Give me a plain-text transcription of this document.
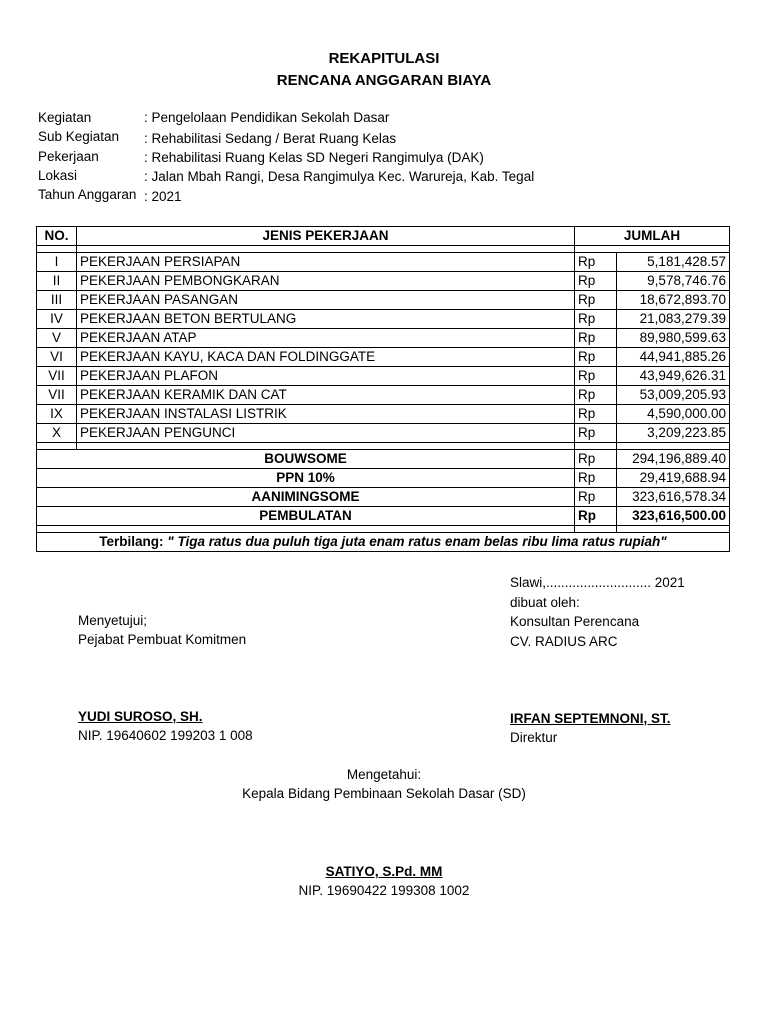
REKAPITULASI
RENCANA ANGGARAN BIAYA
Kegiatan	: Pengelolaan Pendidikan Sekolah Dasar
Sub Kegiatan : Rehabilitasi Sedang / Berat Ruang Kelas
Pekerjaan	: Rehabilitasi Ruang Kelas SD Negeri Rangimulya (DAK)
Lokasi	: Jalan Mbah Rangi, Desa Rangimulya Kec. Warureja, Kab. Tegal
Tahun Anggaran : 2021
NO.	JENIS PEKERJAAN	JUMLAH	

I	PEKERJAAN PERSIAPAN	Rp	5,181,428.57
II	PEKERJAAN PEMBONGKARAN	Rp	9,578,746.76
III	PEKERJAAN PASANGAN	Rp	18,672,893.70
IV	PEKERJAAN BETON BERTULANG	Rp	21,083,279.39
V	PEKERJAAN ATAP	Rp	89,980,599.63
VI	PEKERJAAN KAYU, KACA DAN FOLDINGGATE	Rp	44,941,885.26
VII	PEKERJAAN PLAFON	Rp	43,949,626.31
VII	PEKERJAAN KERAMIK DAN CAT	Rp	53,009,205.93
IX	PEKERJAAN INSTALASI LISTRIK	Rp	4,590,000.00
X	PEKERJAAN PENGUNCI	Rp	3,209,223.85

BOUWSOME		Rp	294,196,889.40
PPN 10%		Rp	29,419,688.94
AANIMINGSOME		Rp	323,616,578.34
PEMBULATAN		Rp	323,616,500.00

Terbilang: " Tiga ratus dua puluh tiga juta enam ratus enam belas ribu lima ratus rupiah"			
Slawi,............................ 2021
dibuat oleh:
Konsultan Perencana
CV. RADIUS ARC
Menyetujui;
Pejabat Pembuat Komitmen
YUDI SUROSO, SH.
NIP. 19640602 199203 1 008
IRFAN SEPTEMNONI, ST.
Direktur
Mengetahui:
Kepala Bidang Pembinaan Sekolah Dasar (SD)
SATIYO, S.Pd. MM
NIP. 19690422 199308 1002
